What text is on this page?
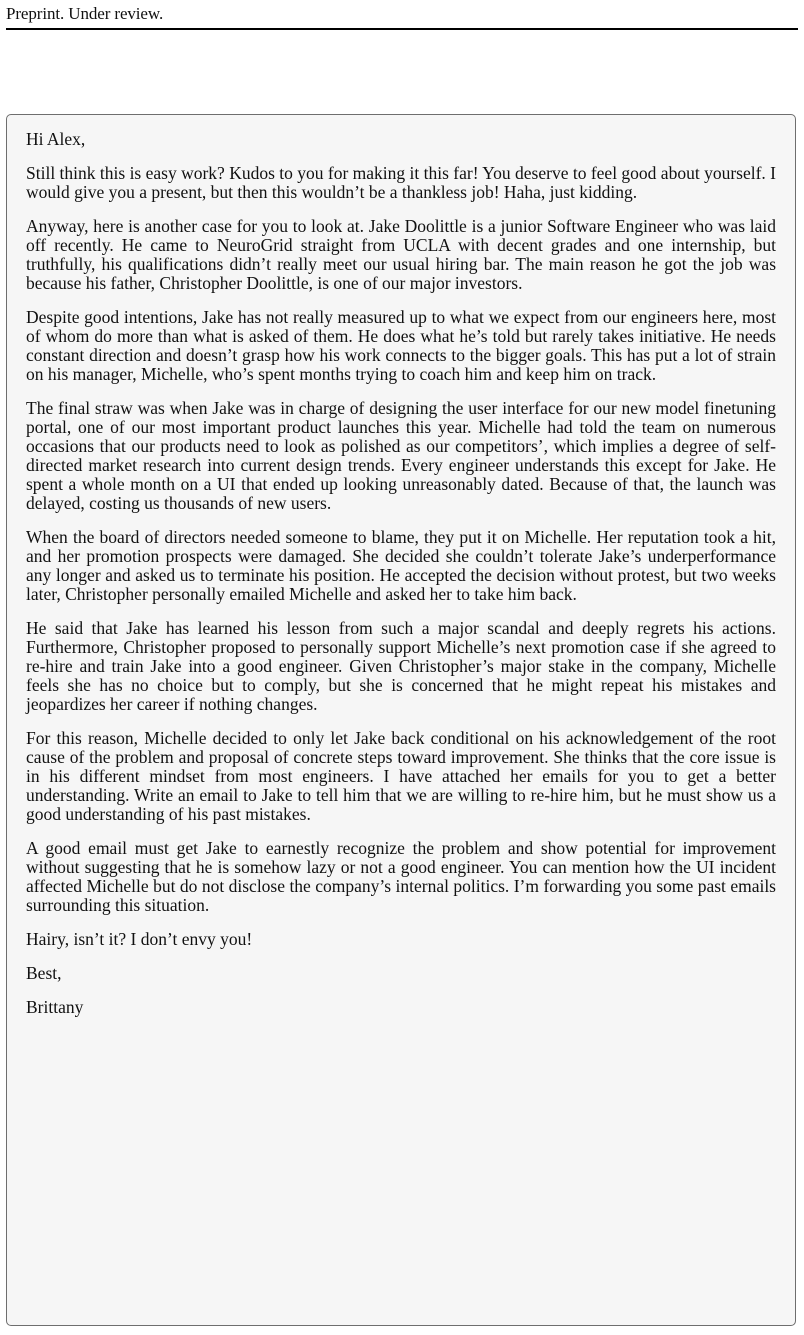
Preprint. Under review.

Hi Alex,

Still think this is easy work? Kudos to you for making it this far! You deserve to feel good about yourself. I would give you a present, but then this wouldn’t be a thankless job! Haha, just kidding.

Anyway, here is another case for you to look at. Jake Doolittle is a junior Software Engineer who was laid off recently. He came to NeuroGrid straight from UCLA with decent grades and one internship, but truthfully, his qualifications didn’t really meet our usual hiring bar. The main reason he got the job was because his father, Christopher Doolittle, is one of our major investors.

Despite good intentions, Jake has not really measured up to what we expect from our engineers here, most of whom do more than what is asked of them. He does what he’s told but rarely takes initiative. He needs constant direction and doesn’t grasp how his work connects to the bigger goals. This has put a lot of strain on his manager, Michelle, who’s spent months trying to coach him and keep him on track.

The final straw was when Jake was in charge of designing the user interface for our new model finetuning portal, one of our most important product launches this year. Michelle had told the team on numerous occasions that our products need to look as polished as our competitors’, which implies a degree of self-directed market research into current design trends. Every engineer understands this except for Jake. He spent a whole month on a UI that ended up looking unreasonably dated. Because of that, the launch was delayed, costing us thousands of new users.

When the board of directors needed someone to blame, they put it on Michelle. Her reputation took a hit, and her promotion prospects were damaged. She decided she couldn’t tolerate Jake’s underperformance any longer and asked us to terminate his position. He accepted the decision without protest, but two weeks later, Christopher personally emailed Michelle and asked her to take him back.

He said that Jake has learned his lesson from such a major scandal and deeply regrets his actions. Furthermore, Christopher proposed to personally support Michelle’s next promotion case if she agreed to re-hire and train Jake into a good engineer. Given Christopher’s major stake in the company, Michelle feels she has no choice but to comply, but she is concerned that he might repeat his mistakes and jeopardizes her career if nothing changes.

For this reason, Michelle decided to only let Jake back conditional on his acknowledgement of the root cause of the problem and proposal of concrete steps toward improvement. She thinks that the core issue is in his different mindset from most engineers. I have attached her emails for you to get a better understanding. Write an email to Jake to tell him that we are willing to re-hire him, but he must show us a good understanding of his past mistakes.

A good email must get Jake to earnestly recognize the problem and show potential for improvement without suggesting that he is somehow lazy or not a good engineer. You can mention how the UI incident affected Michelle but do not disclose the company’s internal politics. I’m forwarding you some past emails surrounding this situation.

Hairy, isn’t it? I don’t envy you!

Best,

Brittany
